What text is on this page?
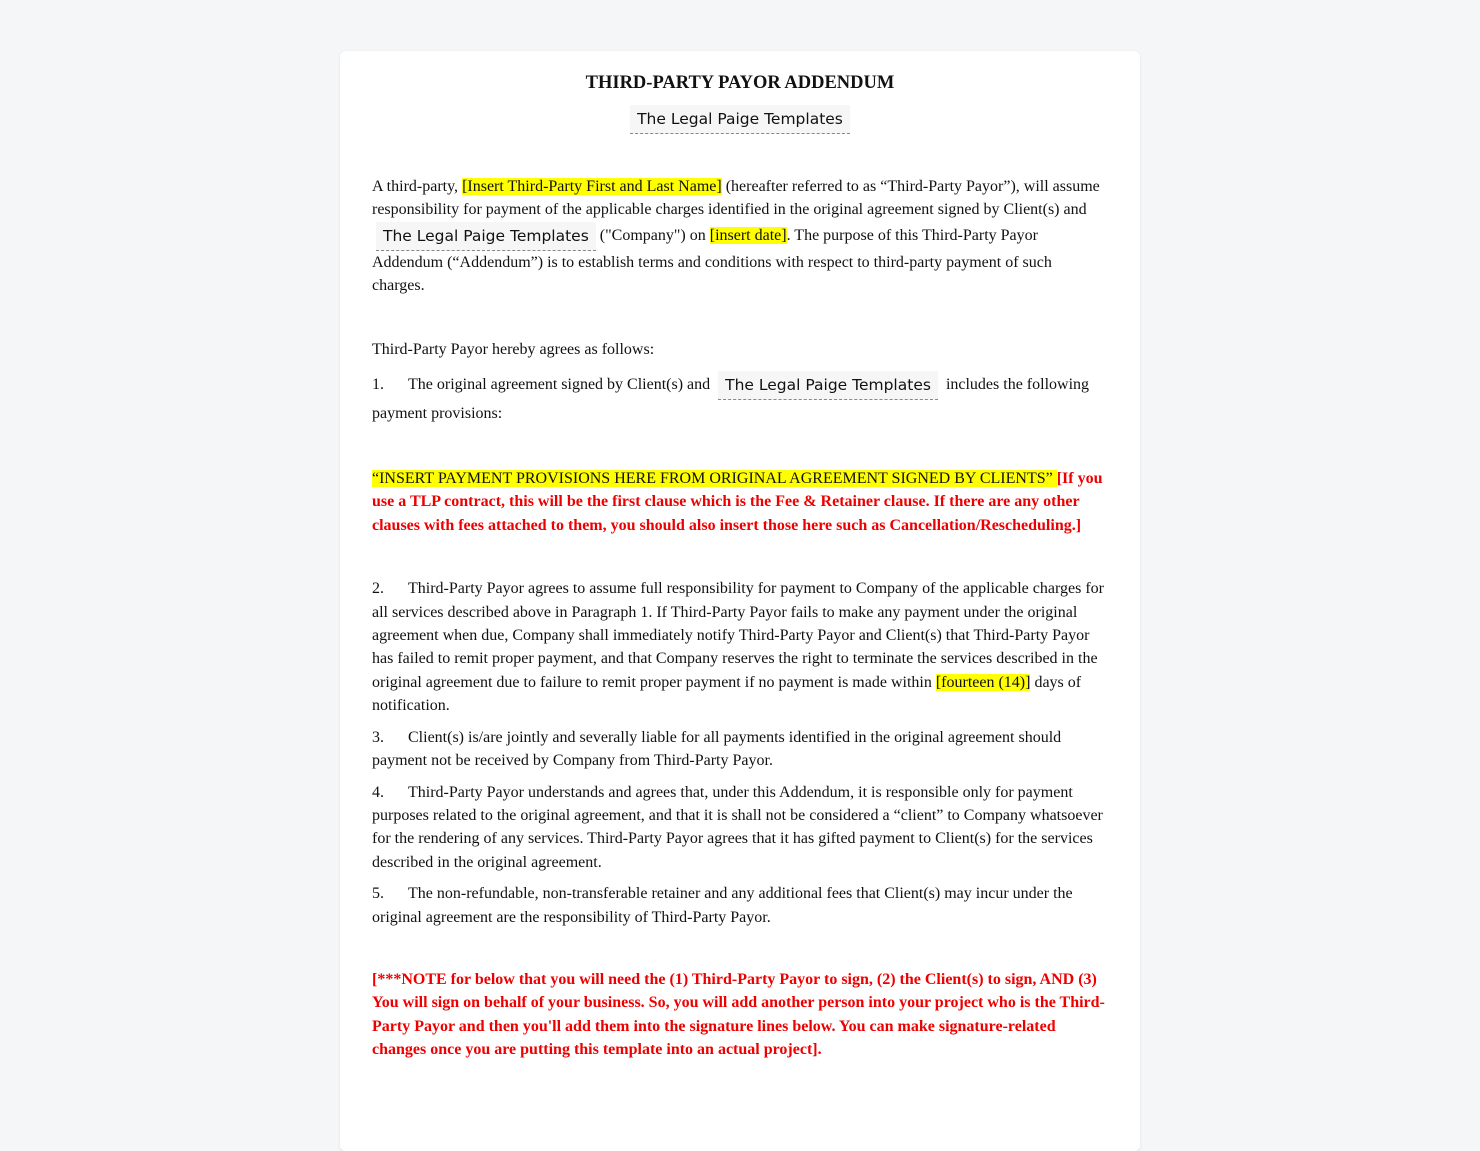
THIRD-PARTY PAYOR ADDENDUM
The Legal Paige Templates

A third-party, [Insert Third-Party First and Last Name] (hereafter referred to as “Third-Party Payor”), will assume responsibility for payment of the applicable charges identified in the original agreement signed by Client(s) and The Legal Paige Templates ("Company") on [insert date]. The purpose of this Third-Party Payor Addendum (“Addendum”) is to establish terms and conditions with respect to third-party payment of such charges.

Third-Party Payor hereby agrees as follows:

1. The original agreement signed by Client(s) and The Legal Paige Templates includes the following payment provisions:

“INSERT PAYMENT PROVISIONS HERE FROM ORIGINAL AGREEMENT SIGNED BY CLIENTS” [If you use a TLP contract, this will be the first clause which is the Fee & Retainer clause. If there are any other clauses with fees attached to them, you should also insert those here such as Cancellation/Rescheduling.]

2. Third-Party Payor agrees to assume full responsibility for payment to Company of the applicable charges for all services described above in Paragraph 1. If Third-Party Payor fails to make any payment under the original agreement when due, Company shall immediately notify Third-Party Payor and Client(s) that Third-Party Payor has failed to remit proper payment, and that Company reserves the right to terminate the services described in the original agreement due to failure to remit proper payment if no payment is made within [fourteen (14)] days of notification.

3. Client(s) is/are jointly and severally liable for all payments identified in the original agreement should payment not be received by Company from Third-Party Payor.

4. Third-Party Payor understands and agrees that, under this Addendum, it is responsible only for payment purposes related to the original agreement, and that it is shall not be considered a “client” to Company whatsoever for the rendering of any services. Third-Party Payor agrees that it has gifted payment to Client(s) for the services described in the original agreement.

5. The non-refundable, non-transferable retainer and any additional fees that Client(s) may incur under the original agreement are the responsibility of Third-Party Payor.

[***NOTE for below that you will need the (1) Third-Party Payor to sign, (2) the Client(s) to sign, AND (3) You will sign on behalf of your business. So, you will add another person into your project who is the Third-Party Payor and then you'll add them into the signature lines below. You can make signature-related changes once you are putting this template into an actual project].
